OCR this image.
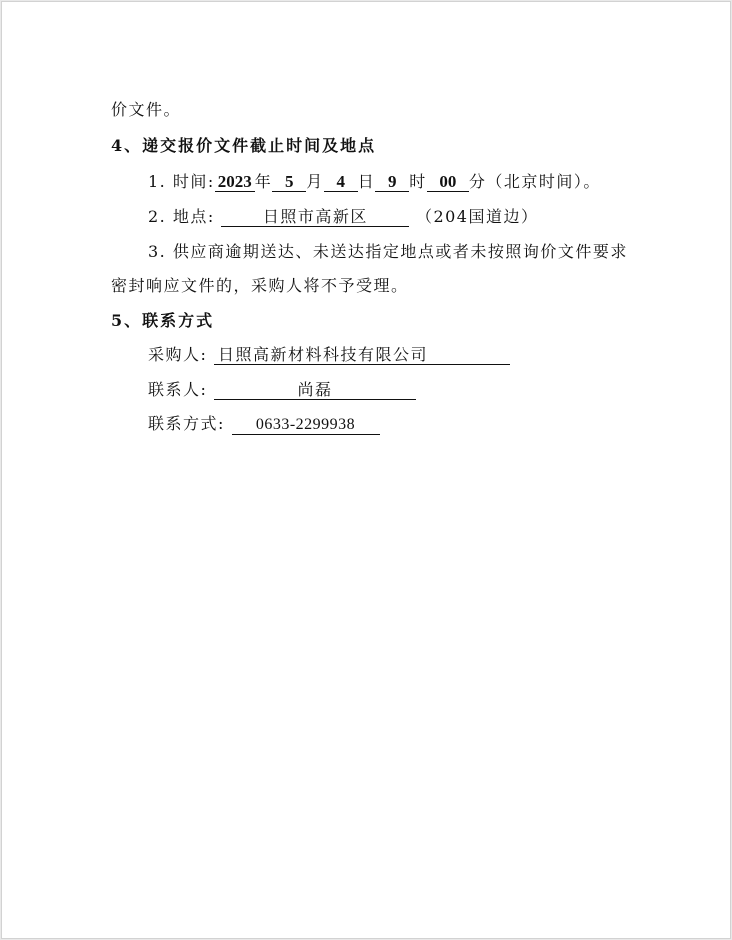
价文件。
4、递交报价文件截止时间及地点
1. 时间: 2023 年 5 月 4 日 9 时 00 分（北京时间）。
2. 地点:	日照市高新区	（204国道边）
3. 供应商逾期送达、未送达指定地点或者未按照询价文件要求
密封响应文件的，采购人将不予受理。
5、联系方式
采购人: 日照高新材料科技有限公司
联系人:	尚磊
联系方式: 0633-2299938
